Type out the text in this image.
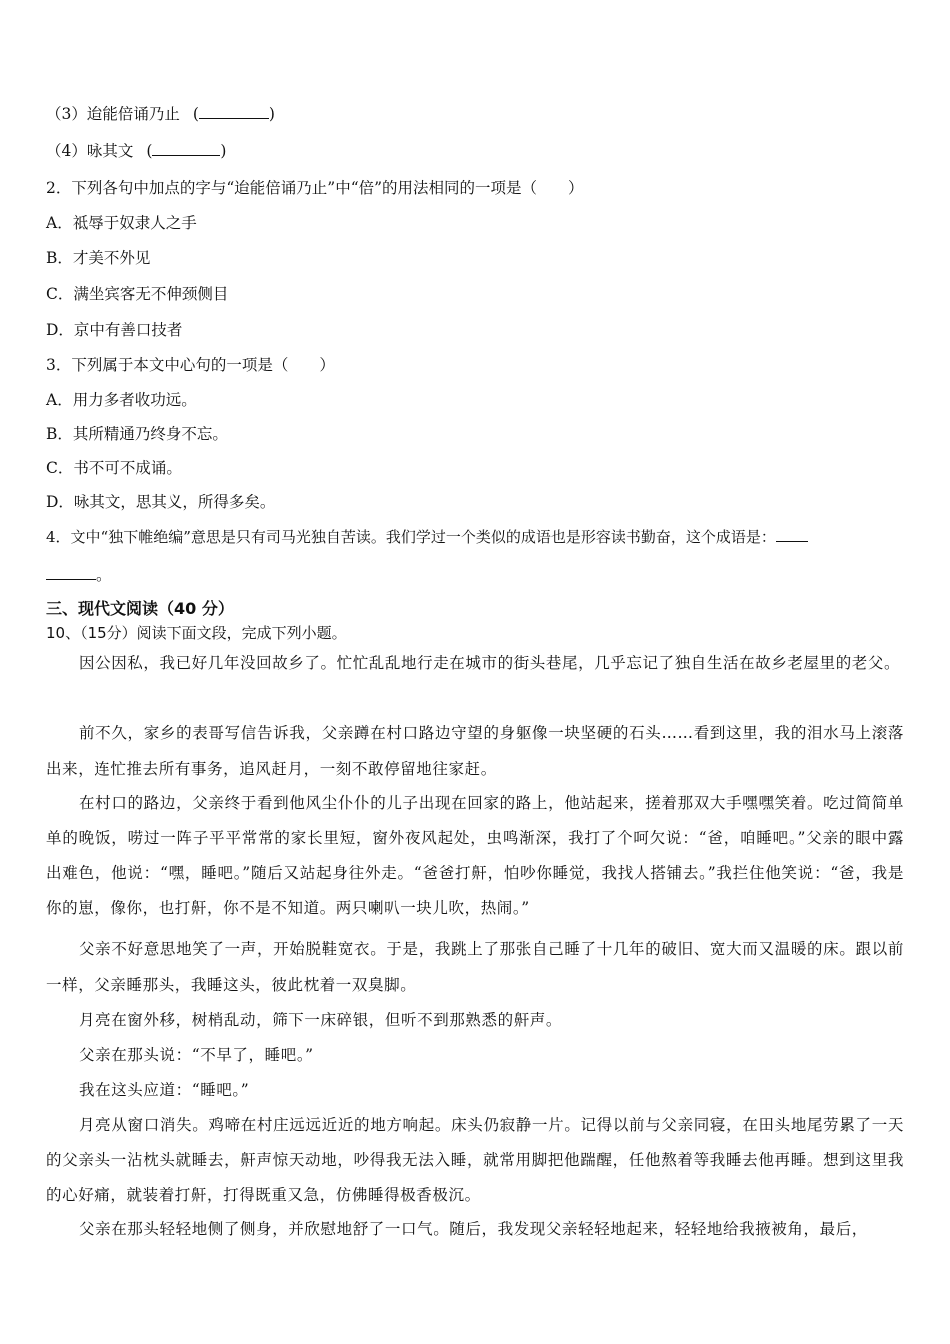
（3）迨能倍诵乃止 (	)
（4）咏其文 (	)
2．下列各句中加点的字与“迨能倍诵乃止”中“倍”的用法相同的一项是（　　）
A．祗辱于奴隶人之手
B．才美不外见
C．满坐宾客无不伸颈侧目
D．京中有善口技者
3．下列属于本文中心句的一项是（　　）
A．用力多者收功远。
B．其所精通乃终身不忘。
C．书不可不成诵。
D．咏其文，思其义，所得多矣。
4．文中“独下帷绝编”意思是只有司马光独自苦读。我们学过一个类似的成语也是形容读书勤奋，这个成语是：
。
三、现代文阅读（40 分）
10、（15分）阅读下面文段，完成下列小题。
因公因私，我已好几年没回故乡了。忙忙乱乱地行走在城市的街头巷尾，几乎忘记了独自生活在故乡老屋里的老父。
前不久，家乡的表哥写信告诉我，父亲蹲在村口路边守望的身躯像一块坚硬的石头……看到这里，我的泪水马上滚落出来，连忙推去所有事务，追风赶月，一刻不敢停留地往家赶。
在村口的路边，父亲终于看到他风尘仆仆的儿子出现在回家的路上，他站起来，搓着那双大手嘿嘿笑着。吃过简简单单的晚饭，唠过一阵子平平常常的家长里短，窗外夜风起处，虫鸣渐深，我打了个呵欠说：“爸，咱睡吧。”父亲的眼中露出难色，他说：“嘿，睡吧。”随后又站起身往外走。“爸爸打鼾，怕吵你睡觉，我找人搭铺去。”我拦住他笑说：“爸，我是你的崽，像你，也打鼾，你不是不知道。两只喇叭一块儿吹，热闹。”
父亲不好意思地笑了一声，开始脱鞋宽衣。于是，我跳上了那张自己睡了十几年的破旧、宽大而又温暖的床。跟以前一样，父亲睡那头，我睡这头，彼此枕着一双臭脚。
月亮在窗外移，树梢乱动，筛下一床碎银，但听不到那熟悉的鼾声。
父亲在那头说：“不早了，睡吧。”
我在这头应道：“睡吧。”
月亮从窗口消失。鸡啼在村庄远远近近的地方响起。床头仍寂静一片。记得以前与父亲同寝，在田头地尾劳累了一天的父亲头一沾枕头就睡去，鼾声惊天动地，吵得我无法入睡，就常用脚把他踹醒，任他熬着等我睡去他再睡。想到这里我的心好痛，就装着打鼾，打得既重又急，仿佛睡得极香极沉。
父亲在那头轻轻地侧了侧身，并欣慰地舒了一口气。随后，我发现父亲轻轻地起来，轻轻地给我掖被角，最后，
